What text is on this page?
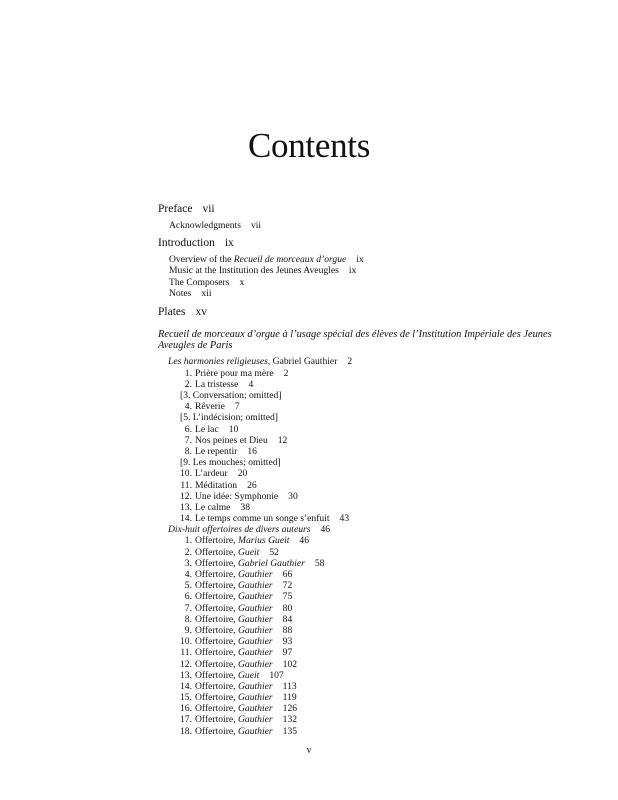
Contents
Preface vii
Acknowledgments vii
Introduction ix
Overview of the Recueil de morceaux d’orgue ix
Music at the Institution des Jeunes Aveugles ix
The Composers x
Notes xii
Plates xv
Recueil de morceaux d’orgue à l’usage spécial des élèves de l’Institution Impériale des Jeunes Aveugles de Paris
Les harmonies religieuses, Gabriel Gauthier 2
1. Prière pour ma mère 2
2. La tristesse 4
[3. Conversation; omitted]
4. Rêverie 7
[5. L’indécision; omitted]
6. Le lac 10
7. Nos peines et Dieu 12
8. Le repentir 16
[9. Les mouches; omitted]
10. L’ardeur 20
11. Méditation 26
12. Une idée: Symphonie 30
13. Le calme 38
14. Le temps comme un songe s’enfuit 43
Dix-huit offertoires de divers auteurs 46
1. Offertoire, Marius Gueit 46
2. Offertoire, Gueit 52
3. Offertoire, Gabriel Gauthier 58
4. Offertoire, Gauthier 66
5. Offertoire, Gauthier 72
6. Offertoire, Gauthier 75
7. Offertoire, Gauthier 80
8. Offertoire, Gauthier 84
9. Offertoire, Gauthier 88
10. Offertoire, Gauthier 93
11. Offertoire, Gauthier 97
12. Offertoire, Gauthier 102
13. Offertoire, Gueit 107
14. Offertoire, Gauthier 113
15. Offertoire, Gauthier 119
16. Offertoire, Gauthier 126
17. Offertoire, Gauthier 132
18. Offertoire, Gauthier 135
v
